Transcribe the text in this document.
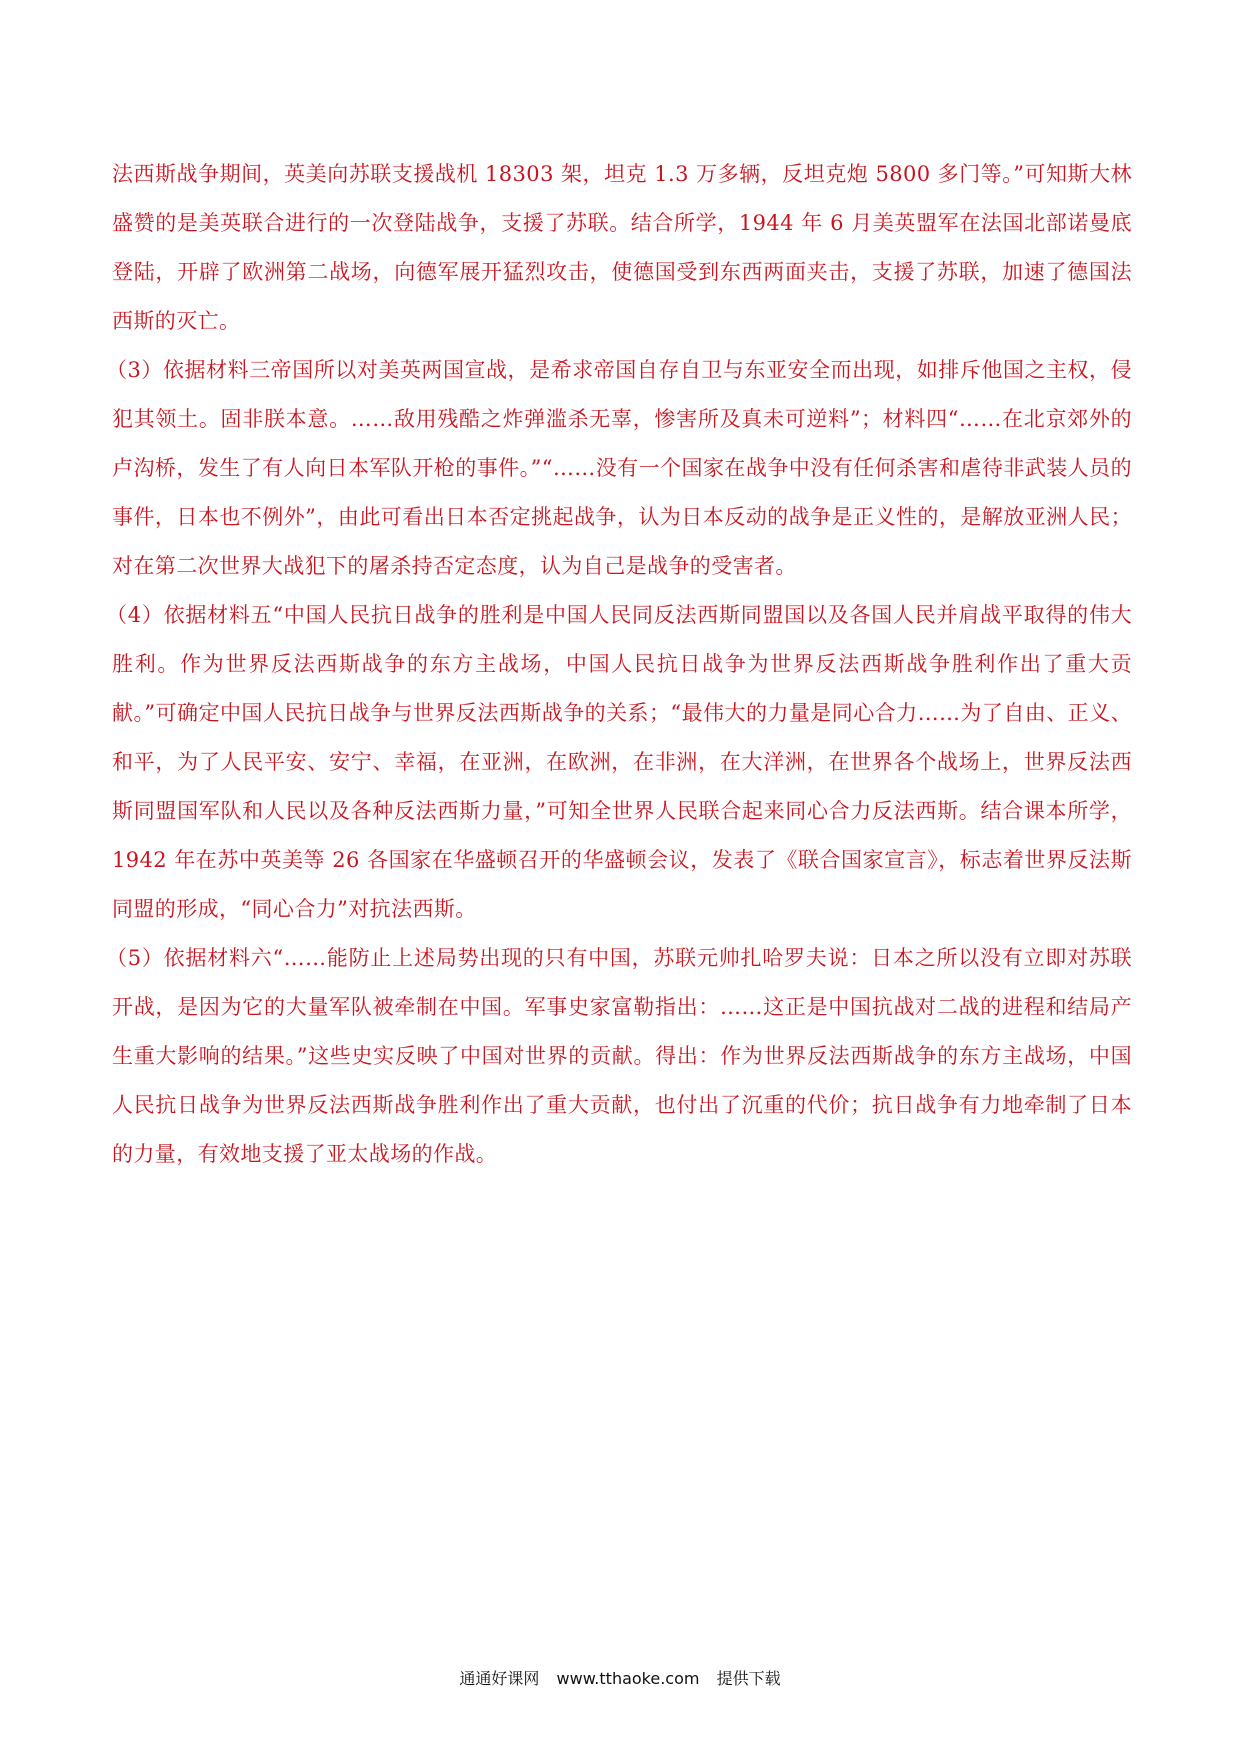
法西斯战争期间，英美向苏联支援战机 18303 架，坦克 1.3 万多辆，反坦克炮 5800 多门等。”可知斯大林盛赞的是美英联合进行的一次登陆战争，支援了苏联。结合所学，1944 年 6 月美英盟军在法国北部诺曼底登陆，开辟了欧洲第二战场，向德军展开猛烈攻击，使德国受到东西两面夹击，支援了苏联，加速了德国法西斯的灭亡。

（3）依据材料三帝国所以对美英两国宣战，是希求帝国自存自卫与东亚安全而出现，如排斥他国之主权，侵犯其领土。固非朕本意。……敌用残酷之炸弹滥杀无辜，惨害所及真未可逆料”；材料四“……在北京郊外的卢沟桥，发生了有人向日本军队开枪的事件。”“……没有一个国家在战争中没有任何杀害和虐待非武装人员的事件，日本也不例外”，由此可看出日本否定挑起战争，认为日本反动的战争是正义性的，是解放亚洲人民；对在第二次世界大战犯下的屠杀持否定态度，认为自己是战争的受害者。

（4）依据材料五“中国人民抗日战争的胜利是中国人民同反法西斯同盟国以及各国人民并肩战平取得的伟大胜利。作为世界反法西斯战争的东方主战场，中国人民抗日战争为世界反法西斯战争胜利作出了重大贡献。”可确定中国人民抗日战争与世界反法西斯战争的关系；“最伟大的力量是同心合力……为了自由、正义、和平，为了人民平安、安宁、幸福，在亚洲，在欧洲，在非洲，在大洋洲，在世界各个战场上，世界反法西斯同盟国军队和人民以及各种反法西斯力量，”可知全世界人民联合起来同心合力反法西斯。结合课本所学，1942 年在苏中英美等 26 各国家在华盛顿召开的华盛顿会议，发表了《联合国家宣言》，标志着世界反法斯同盟的形成，“同心合力”对抗法西斯。

（5）依据材料六“……能防止上述局势出现的只有中国，苏联元帅扎哈罗夫说：日本之所以没有立即对苏联开战，是因为它的大量军队被牵制在中国。军事史家富勒指出：……这正是中国抗战对二战的进程和结局产生重大影响的结果。”这些史实反映了中国对世界的贡献。得出：作为世界反法西斯战争的东方主战场，中国人民抗日战争为世界反法西斯战争胜利作出了重大贡献，也付出了沉重的代价；抗日战争有力地牵制了日本的力量，有效地支援了亚太战场的作战。

通通好课网 www.tthaoke.com 提供下载
